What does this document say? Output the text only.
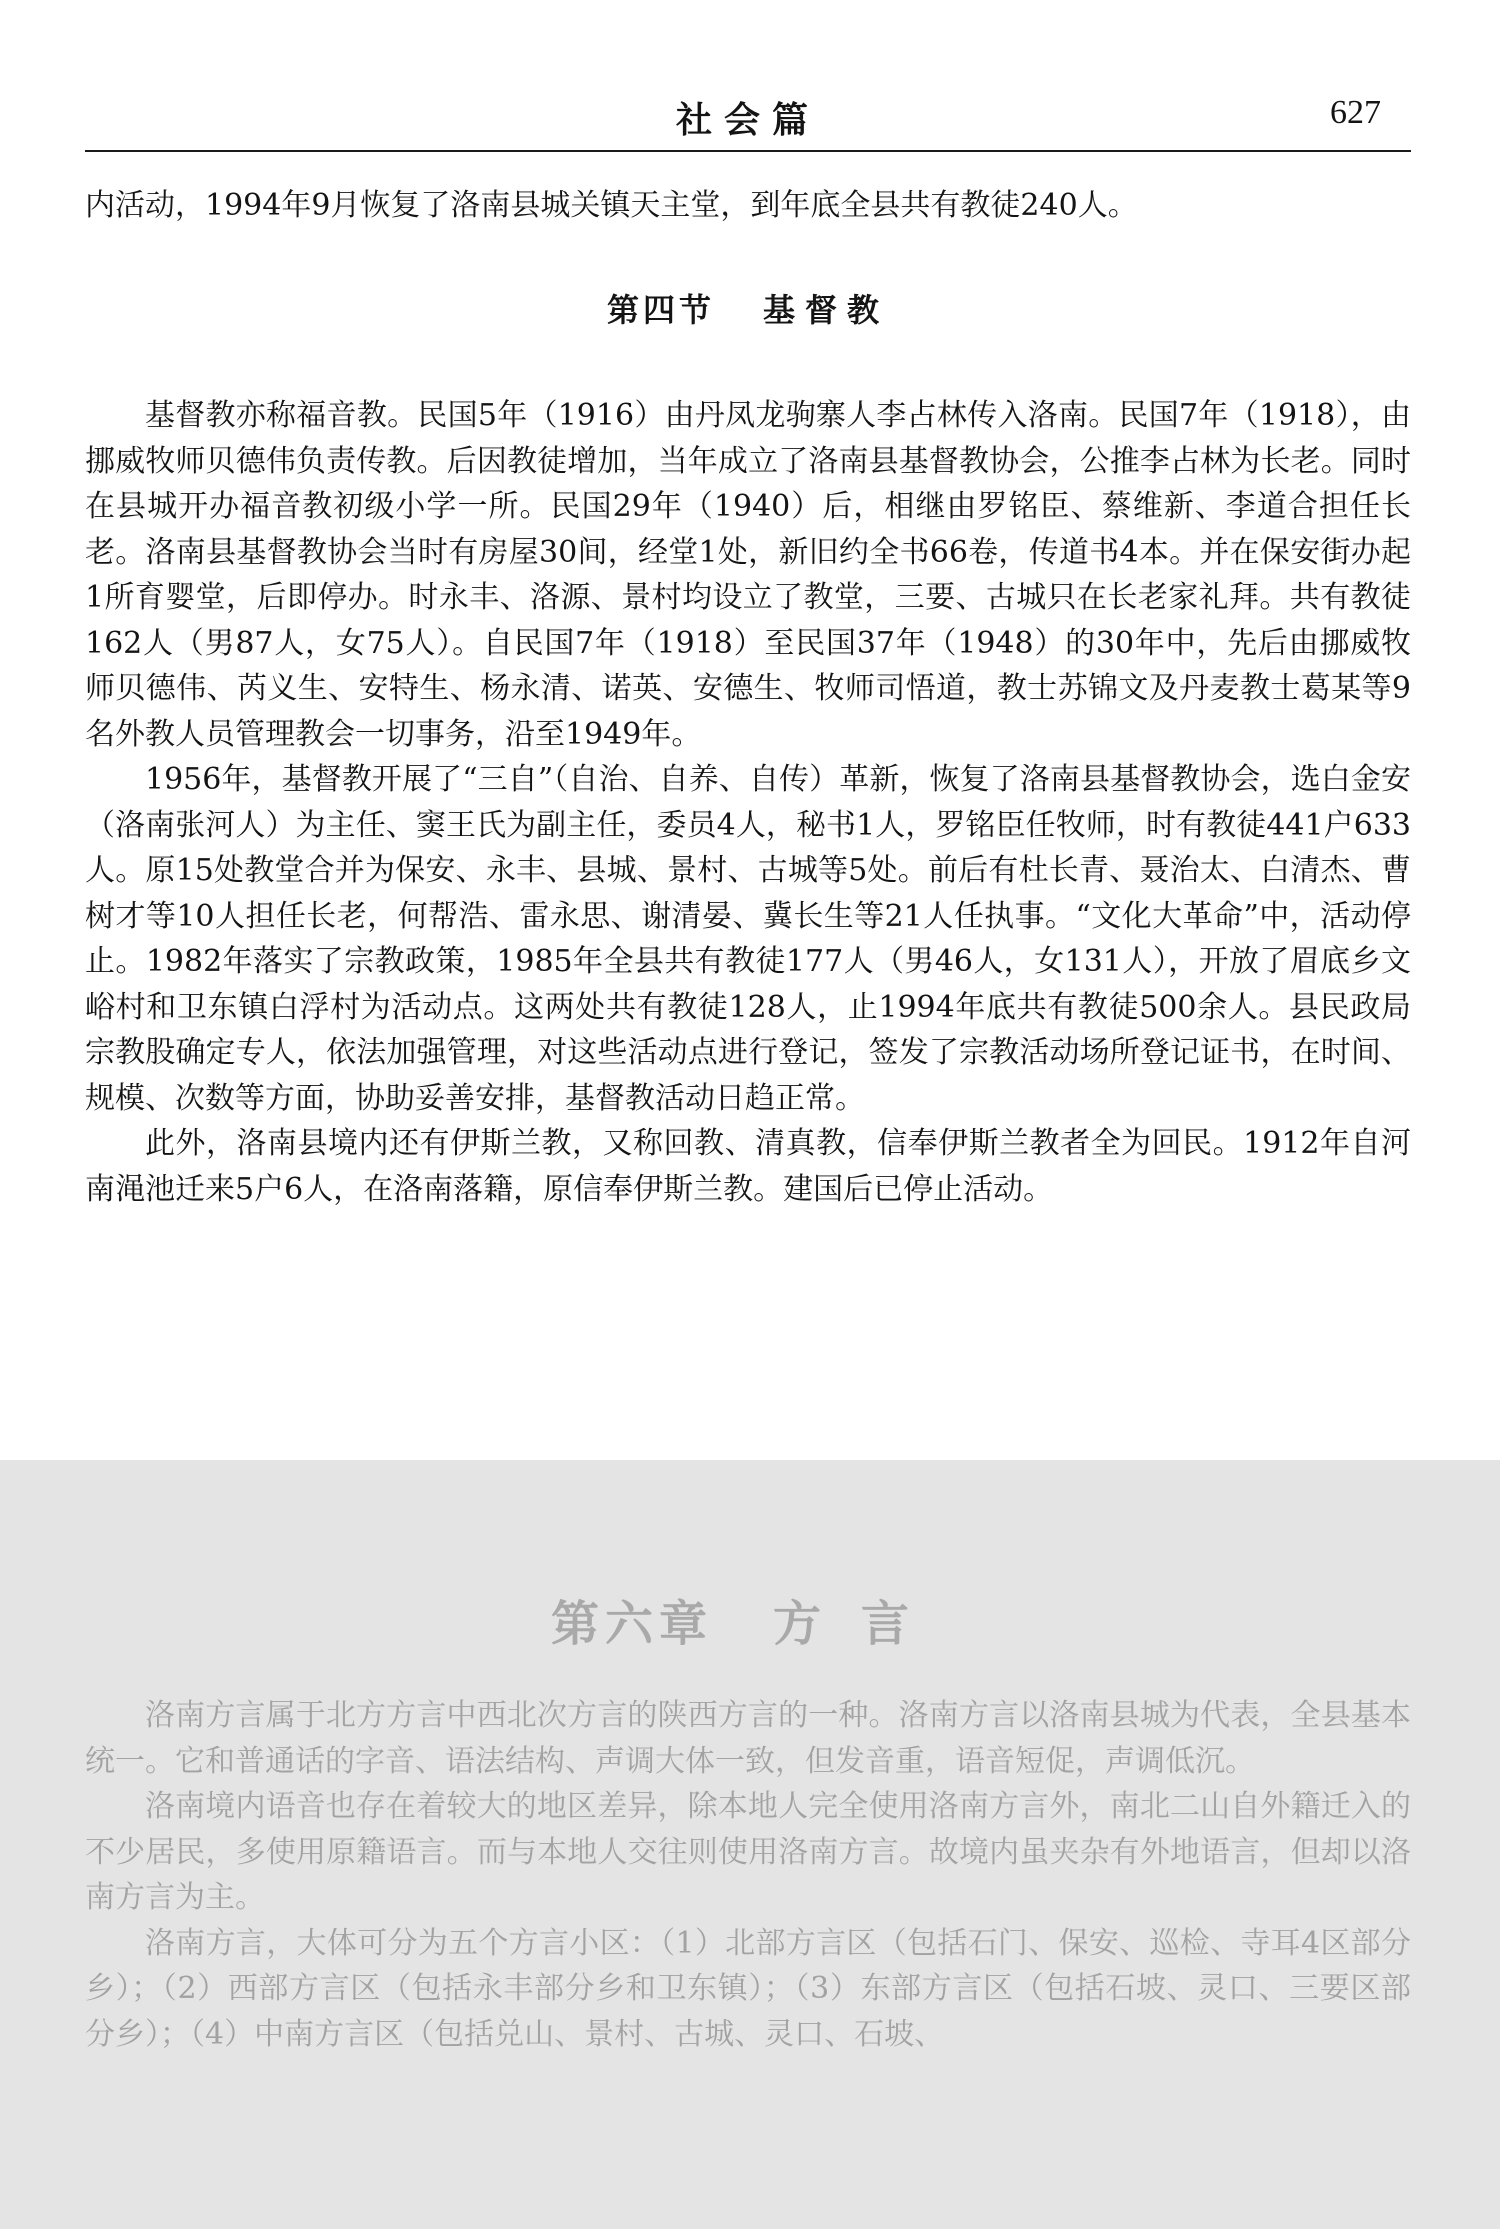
社会篇	627

内活动，1994年9月恢复了洛南县城关镇天主堂，到年底全县共有教徒240人。

第四节 基督教

基督教亦称福音教。民国5年（1916）由丹凤龙驹寨人李占林传入洛南。民国7年（1918），由挪威牧师贝德伟负责传教。后因教徒增加，当年成立了洛南县基督教协会，公推李占林为长老。同时在县城开办福音教初级小学一所。民国29年（1940）后，相继由罗铭臣、蔡维新、李道合担任长老。洛南县基督教协会当时有房屋30间，经堂1处，新旧约全书66卷，传道书4本。并在保安街办起1所育婴堂，后即停办。时永丰、洛源、景村均设立了教堂，三要、古城只在长老家礼拜。共有教徒162人（男87人，女75人）。自民国7年（1918）至民国37年（1948）的30年中，先后由挪威牧师贝德伟、芮义生、安特生、杨永清、诺英、安德生、牧师司悟道，教士苏锦文及丹麦教士葛某等9名外教人员管理教会一切事务，沿至1949年。

1956年，基督教开展了“三自”（自治、自养、自传）革新，恢复了洛南县基督教协会，选白金安（洛南张河人）为主任、窦王氏为副主任，委员4人，秘书1人，罗铭臣任牧师，时有教徒441户633人。原15处教堂合并为保安、永丰、县城、景村、古城等5处。前后有杜长青、聂治太、白清杰、曹树才等10人担任长老，何帮浩、雷永思、谢清晏、冀长生等21人任执事。“文化大革命”中，活动停止。1982年落实了宗教政策，1985年全县共有教徒177人（男46人，女131人），开放了眉底乡文峪村和卫东镇白浮村为活动点。这两处共有教徒128人，止1994年底共有教徒500余人。县民政局宗教股确定专人，依法加强管理，对这些活动点进行登记，签发了宗教活动场所登记证书，在时间、规模、次数等方面，协助妥善安排，基督教活动日趋正常。

此外，洛南县境内还有伊斯兰教，又称回教、清真教，信奉伊斯兰教者全为回民。1912年自河南渑池迁来5户6人，在洛南落籍，原信奉伊斯兰教。建国后已停止活动。

第六章 方言

洛南方言属于北方方言中西北次方言的陕西方言的一种。洛南方言以洛南县城为代表，全县基本统一。它和普通话的字音、语法结构、声调大体一致，但发音重，语音短促，声调低沉。

洛南境内语音也存在着较大的地区差异，除本地人完全使用洛南方言外，南北二山自外籍迁入的不少居民，多使用原籍语言。而与本地人交往则使用洛南方言。故境内虽夹杂有外地语言，但却以洛南方言为主。

洛南方言，大体可分为五个方言小区：（1）北部方言区（包括石门、保安、巡检、寺耳4区部分乡）；（2）西部方言区（包括永丰部分乡和卫东镇）；（3）东部方言区（包括石坡、灵口、三要区部分乡）；（4）中南方言区（包括兑山、景村、古城、灵口、石坡、
